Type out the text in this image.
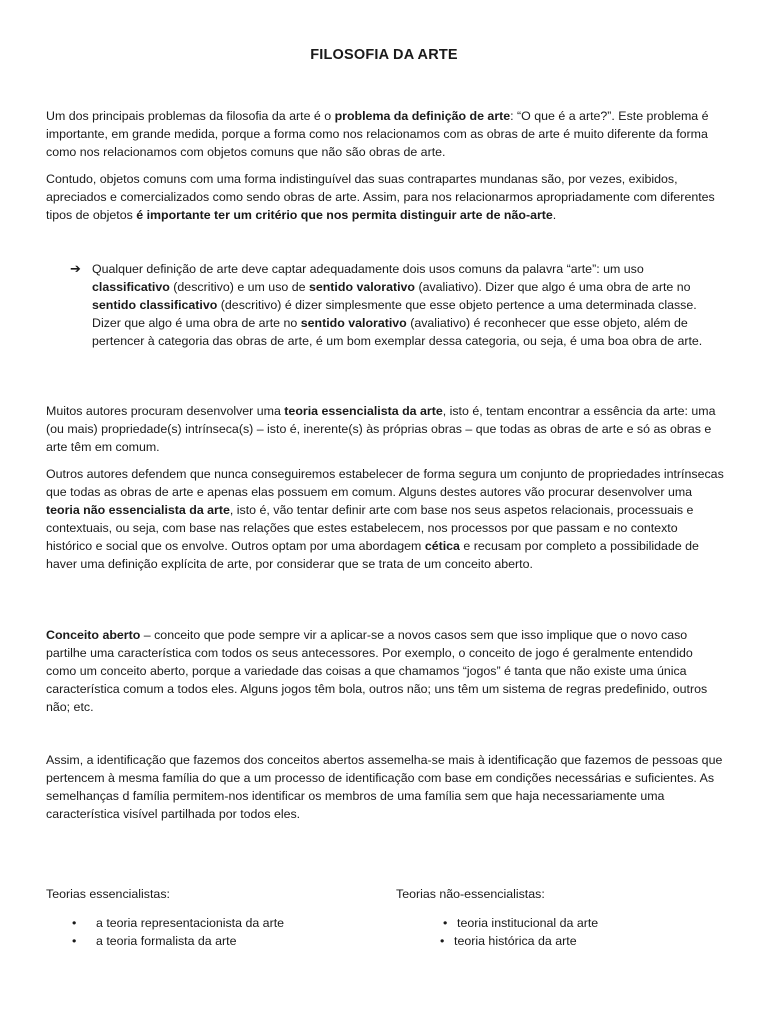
FILOSOFIA DA ARTE

Um dos principais problemas da filosofia da arte é o problema da definição de arte: “O que é a arte?”. Este problema é importante, em grande medida, porque a forma como nos relacionamos com as obras de arte é muito diferente da forma como nos relacionamos com objetos comuns que não são obras de arte.

Contudo, objetos comuns com uma forma indistinguível das suas contrapartes mundanas são, por vezes, exibidos, apreciados e comercializados como sendo obras de arte. Assim, para nos relacionarmos apropriadamente com diferentes tipos de objetos é importante ter um critério que nos permita distinguir arte de não-arte.

➔ Qualquer definição de arte deve captar adequadamente dois usos comuns da palavra “arte”: um uso classificativo (descritivo) e um uso de sentido valorativo (avaliativo). Dizer que algo é uma obra de arte no sentido classificativo (descritivo) é dizer simplesmente que esse objeto pertence a uma determinada classe. Dizer que algo é uma obra de arte no sentido valorativo (avaliativo) é reconhecer que esse objeto, além de pertencer à categoria das obras de arte, é um bom exemplar dessa categoria, ou seja, é uma boa obra de arte.

Muitos autores procuram desenvolver uma teoria essencialista da arte, isto é, tentam encontrar a essência da arte: uma (ou mais) propriedade(s) intrínseca(s) – isto é, inerente(s) às próprias obras – que todas as obras de arte e só as obras e arte têm em comum.

Outros autores defendem que nunca conseguiremos estabelecer de forma segura um conjunto de propriedades intrínsecas que todas as obras de arte e apenas elas possuem em comum. Alguns destes autores vão procurar desenvolver uma teoria não essencialista da arte, isto é, vão tentar definir arte com base nos seus aspetos relacionais, processuais e contextuais, ou seja, com base nas relações que estes estabelecem, nos processos por que passam e no contexto histórico e social que os envolve. Outros optam por uma abordagem cética e recusam por completo a possibilidade de haver uma definição explícita de arte, por considerar que se trata de um conceito aberto.

Conceito aberto – conceito que pode sempre vir a aplicar-se a novos casos sem que isso implique que o novo caso partilhe uma característica com todos os seus antecessores. Por exemplo, o conceito de jogo é geralmente entendido como um conceito aberto, porque a variedade das coisas a que chamamos “jogos” é tanta que não existe uma única característica comum a todos eles. Alguns jogos têm bola, outros não; uns têm um sistema de regras predefinido, outros não; etc.

Assim, a identificação que fazemos dos conceitos abertos assemelha-se mais à identificação que fazemos de pessoas que pertencem à mesma família do que a um processo de identificação com base em condições necessárias e suficientes. As semelhanças d família permitem-nos identificar os membros de uma família sem que haja necessariamente uma característica visível partilhada por todos eles.

Teorias essencialistas:

• a teoria representacionista da arte
• a teoria formalista da arte

Teorias não-essencialistas:

• teoria institucional da arte
• teoria histórica da arte
